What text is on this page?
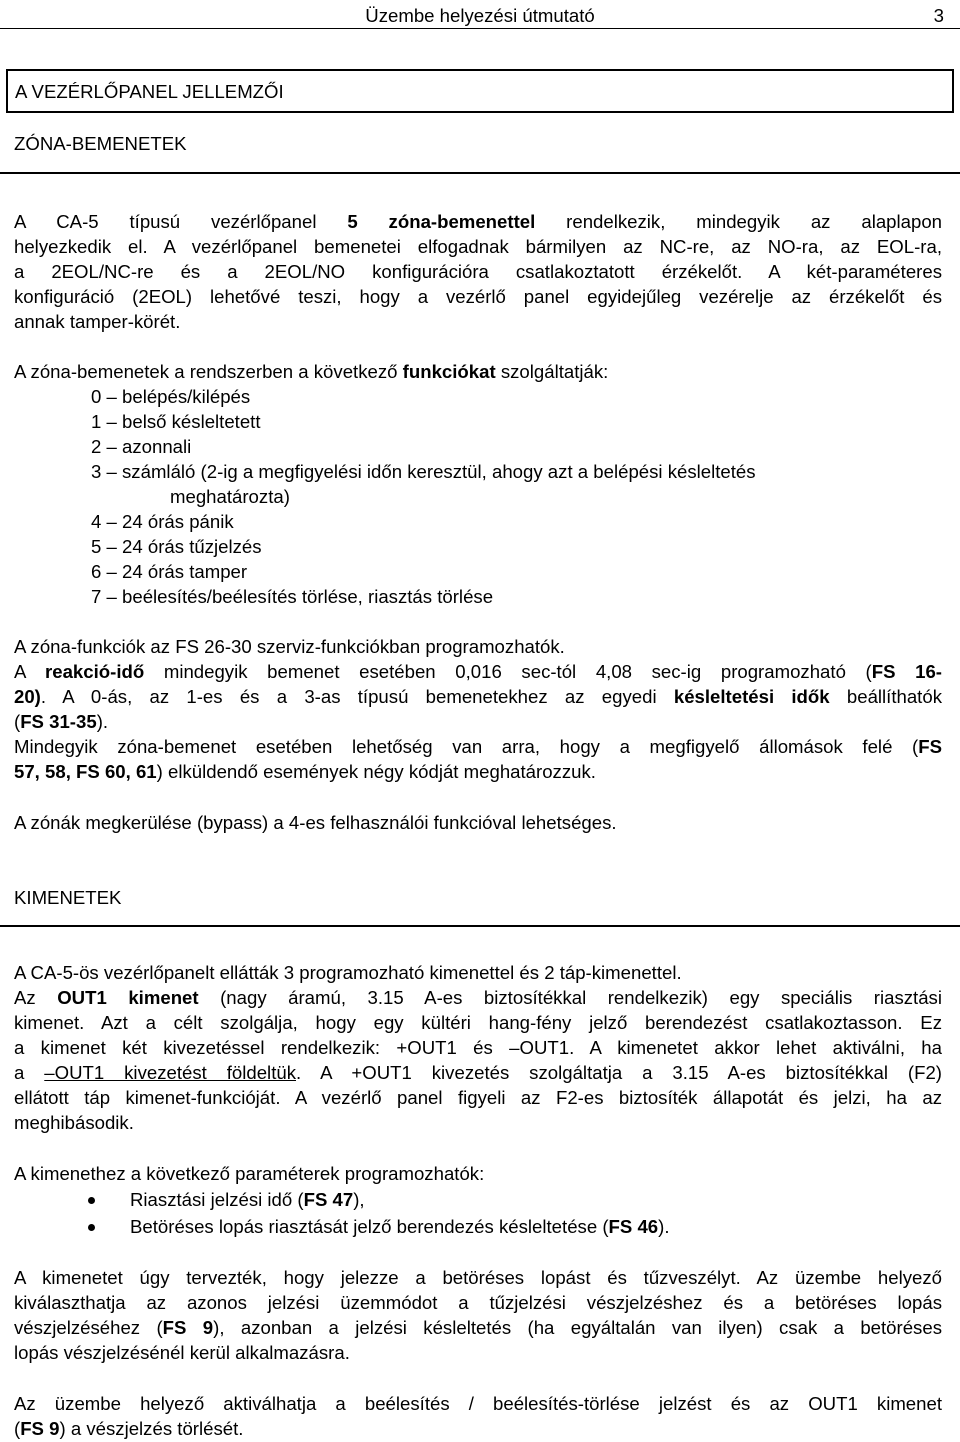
Üzembe helyezési útmutató	3
A VEZÉRLŐPANEL JELLEMZŐI
ZÓNA-BEMENETEK
A CA-5 típusú vezérlőpanel 5 zóna-bemenettel rendelkezik, mindegyik az alaplapon
helyezkedik el. A vezérlőpanel bemenetei elfogadnak bármilyen az NC-re, az NO-ra, az EOL-ra,
a 2EOL/NC-re és a 2EOL/NO konfigurációra csatlakoztatott érzékelőt. A két-paraméteres
konfiguráció (2EOL) lehetővé teszi, hogy a vezérlő panel egyidejűleg vezérelje az érzékelőt és
annak tamper-körét.
A zóna-bemenetek a rendszerben a következő funkciókat szolgáltatják:
0 – belépés/kilépés
1 – belső késleltetett
2 – azonnali
3 – számláló (2-ig a megfigyelési időn keresztül, ahogy azt a belépési késleltetés
meghatározta)
4 – 24 órás pánik
5 – 24 órás tűzjelzés
6 – 24 órás tamper
7 – beélesítés/beélesítés törlése, riasztás törlése
A zóna-funkciók az FS 26-30 szerviz-funkciókban programozhatók.
A reakció-idő mindegyik bemenet esetében 0,016 sec-tól 4,08 sec-ig programozható (FS 16-
20). A 0-ás, az 1-es és a 3-as típusú bemenetekhez az egyedi késleltetési idők beállíthatók
(FS 31-35).
Mindegyik zóna-bemenet esetében lehetőség van arra, hogy a megfigyelő állomások felé (FS
57, 58, FS 60, 61) elküldendő események négy kódját meghatározzuk.
A zónák megkerülése (bypass) a 4-es felhasználói funkcióval lehetséges.
KIMENETEK
A CA-5-ös vezérlőpanelt ellátták 3 programozható kimenettel és 2 táp-kimenettel.
Az OUT1 kimenet (nagy áramú, 3.15 A-es biztosítékkal rendelkezik) egy speciális riasztási
kimenet. Azt a célt szolgálja, hogy egy kültéri hang-fény jelző berendezést csatlakoztasson. Ez
a kimenet két kivezetéssel rendelkezik: +OUT1 és –OUT1. A kimenetet akkor lehet aktiválni, ha
a –OUT1 kivezetést földeltük. A +OUT1 kivezetés szolgáltatja a 3.15 A-es biztosítékkal (F2)
ellátott táp kimenet-funkcióját. A vezérlő panel figyeli az F2-es biztosíték állapotát és jelzi, ha az
meghibásodik.
A kimenethez a következő paraméterek programozhatók:
Riasztási jelzési idő (FS 47),
Betöréses lopás riasztását jelző berendezés késleltetése (FS 46).
A kimenetet úgy tervezték, hogy jelezze a betöréses lopást és tűzveszélyt. Az üzembe helyező
kiválaszthatja az azonos jelzési üzemmódot a tűzjelzési vészjelzéshez és a betöréses lopás
vészjelzéséhez (FS 9), azonban a jelzési késleltetés (ha egyáltalán van ilyen) csak a betöréses
lopás vészjelzésénél kerül alkalmazásra.
Az üzembe helyező aktiválhatja a beélesítés / beélesítés-törlése jelzést és az OUT1 kimenet
(FS 9) a vészjelzés törlését.
